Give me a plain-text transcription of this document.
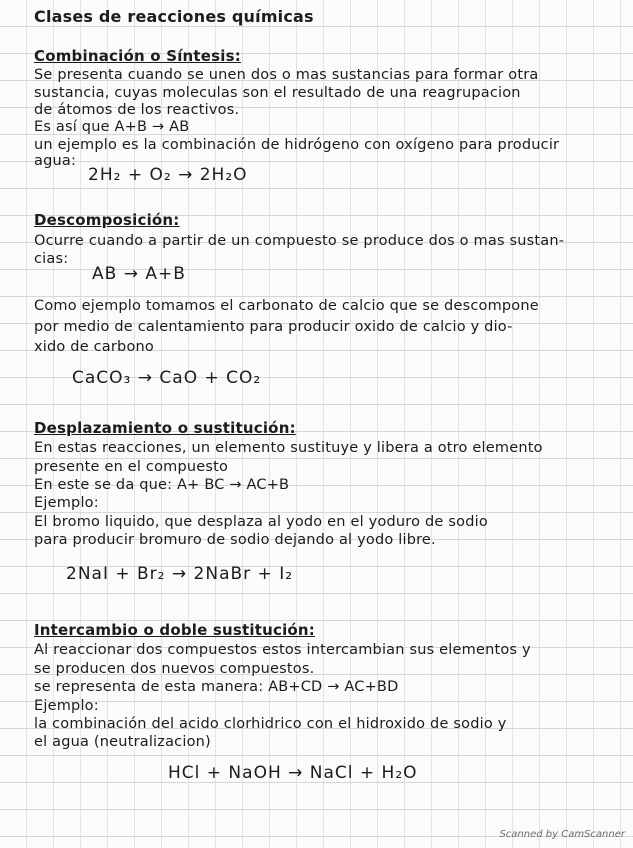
Clases de reacciones químicas
Combinación o Síntesis:
Se presenta cuando se unen dos o mas sustancias para formar otra
sustancia, cuyas moleculas son el resultado de una reagrupacion
de átomos de los reactivos.
Es así que A+B → AB
un ejemplo es la combinación de hidrógeno con oxígeno para producir
agua:
2H₂ + O₂ → 2H₂O
Descomposición:
Ocurre cuando a partir de un compuesto se produce dos o mas sustan-
cias:
AB → A+B
Como ejemplo tomamos el carbonato de calcio que se descompone
por medio de calentamiento para producir oxido de calcio y dio-
xido de carbono
CaCO₃ → CaO + CO₂
Desplazamiento o sustitución:
En estas reacciones, un elemento sustituye y libera a otro elemento
presente en el compuesto
En este se da que: A+ BC → AC+B
Ejemplo:
El bromo liquido, que desplaza al yodo en el yoduro de sodio
para producir bromuro de sodio dejando al yodo libre.
2NaI + Br₂ → 2NaBr + I₂
Intercambio o doble sustitución:
Al reaccionar dos compuestos estos intercambian sus elementos y
se producen dos nuevos compuestos.
se representa de esta manera: AB+CD → AC+BD
Ejemplo:
la combinación del acido clorhidrico con el hidroxido de sodio y
el agua (neutralizacion)
HCl + NaOH → NaCl + H₂O
Scanned by CamScanner
